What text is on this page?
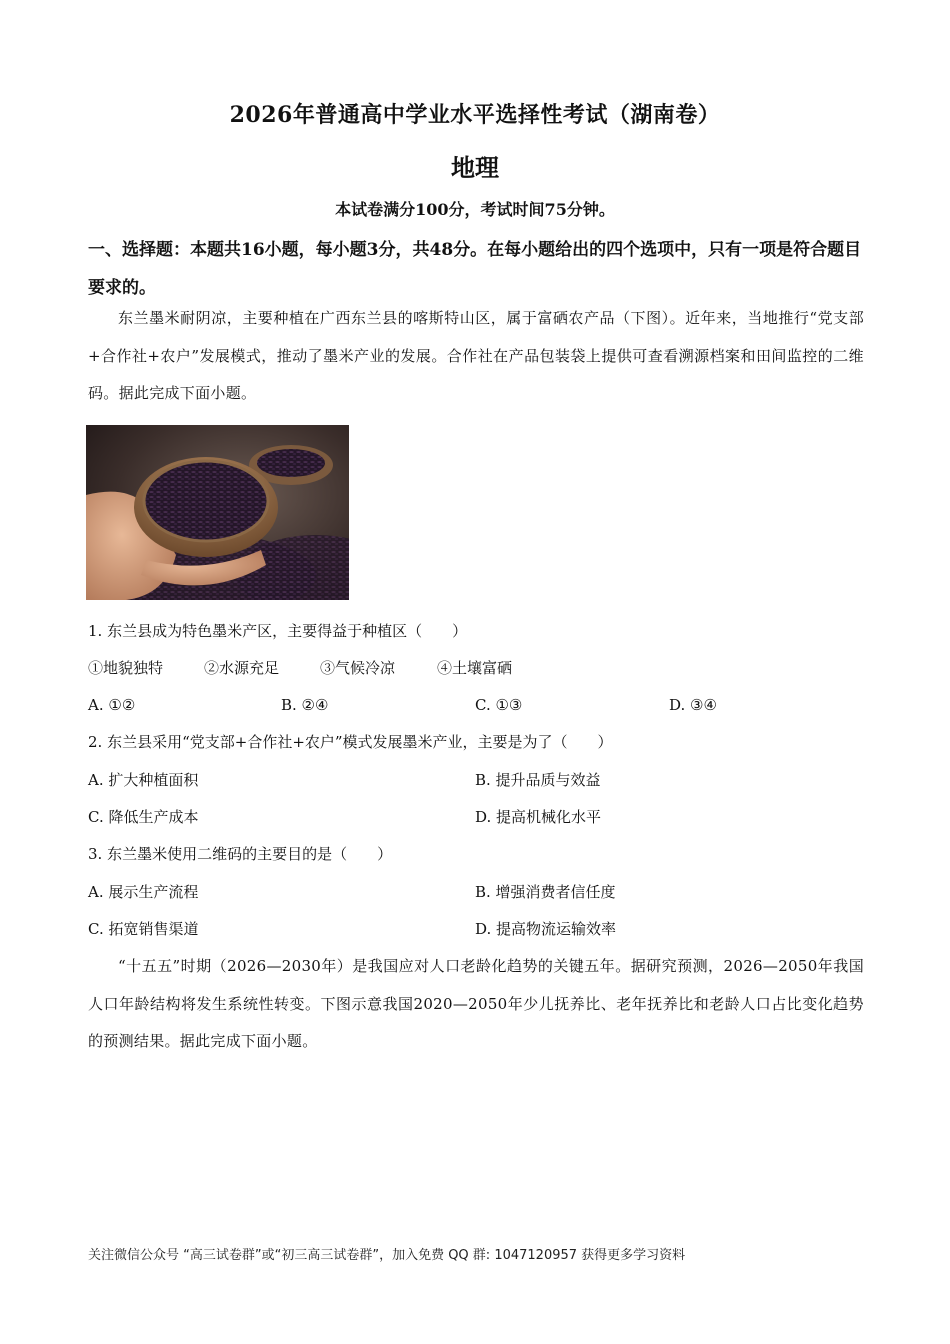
2026年普通高中学业水平选择性考试（湖南卷）
地理
本试卷满分100分，考试时间75分钟。
一、选择题：本题共16小题，每小题3分，共48分。在每小题给出的四个选项中，只有一项是符合题目要求的。
东兰墨米耐阴凉，主要种植在广西东兰县的喀斯特山区，属于富硒农产品（下图）。近年来，当地推行“党支部+合作社+农户”发展模式，推动了墨米产业的发展。合作社在产品包装袋上提供可查看溯源档案和田间监控的二维码。据此完成下面小题。
1. 东兰县成为特色墨米产区，主要得益于种植区（　　）
①地貌独特	②水源充足	③气候冷凉	④土壤富硒
A. ①②	B. ②④	C. ①③	D. ③④
2. 东兰县采用“党支部+合作社+农户”模式发展墨米产业，主要是为了（　　）
A. 扩大种植面积	B. 提升品质与效益
C. 降低生产成本	D. 提高机械化水平
3. 东兰墨米使用二维码的主要目的是（　　）
A. 展示生产流程	B. 增强消费者信任度
C. 拓宽销售渠道	D. 提高物流运输效率
“十五五”时期（2026—2030年）是我国应对人口老龄化趋势的关键五年。据研究预测，2026—2050年我国人口年龄结构将发生系统性转变。下图示意我国2020—2050年少儿抚养比、老年抚养比和老龄人口占比变化趋势的预测结果。据此完成下面小题。
关注微信公众号 “高三试卷群”或“初三高三试卷群”，加入免费 QQ 群: 1047120957 获得更多学习资料
